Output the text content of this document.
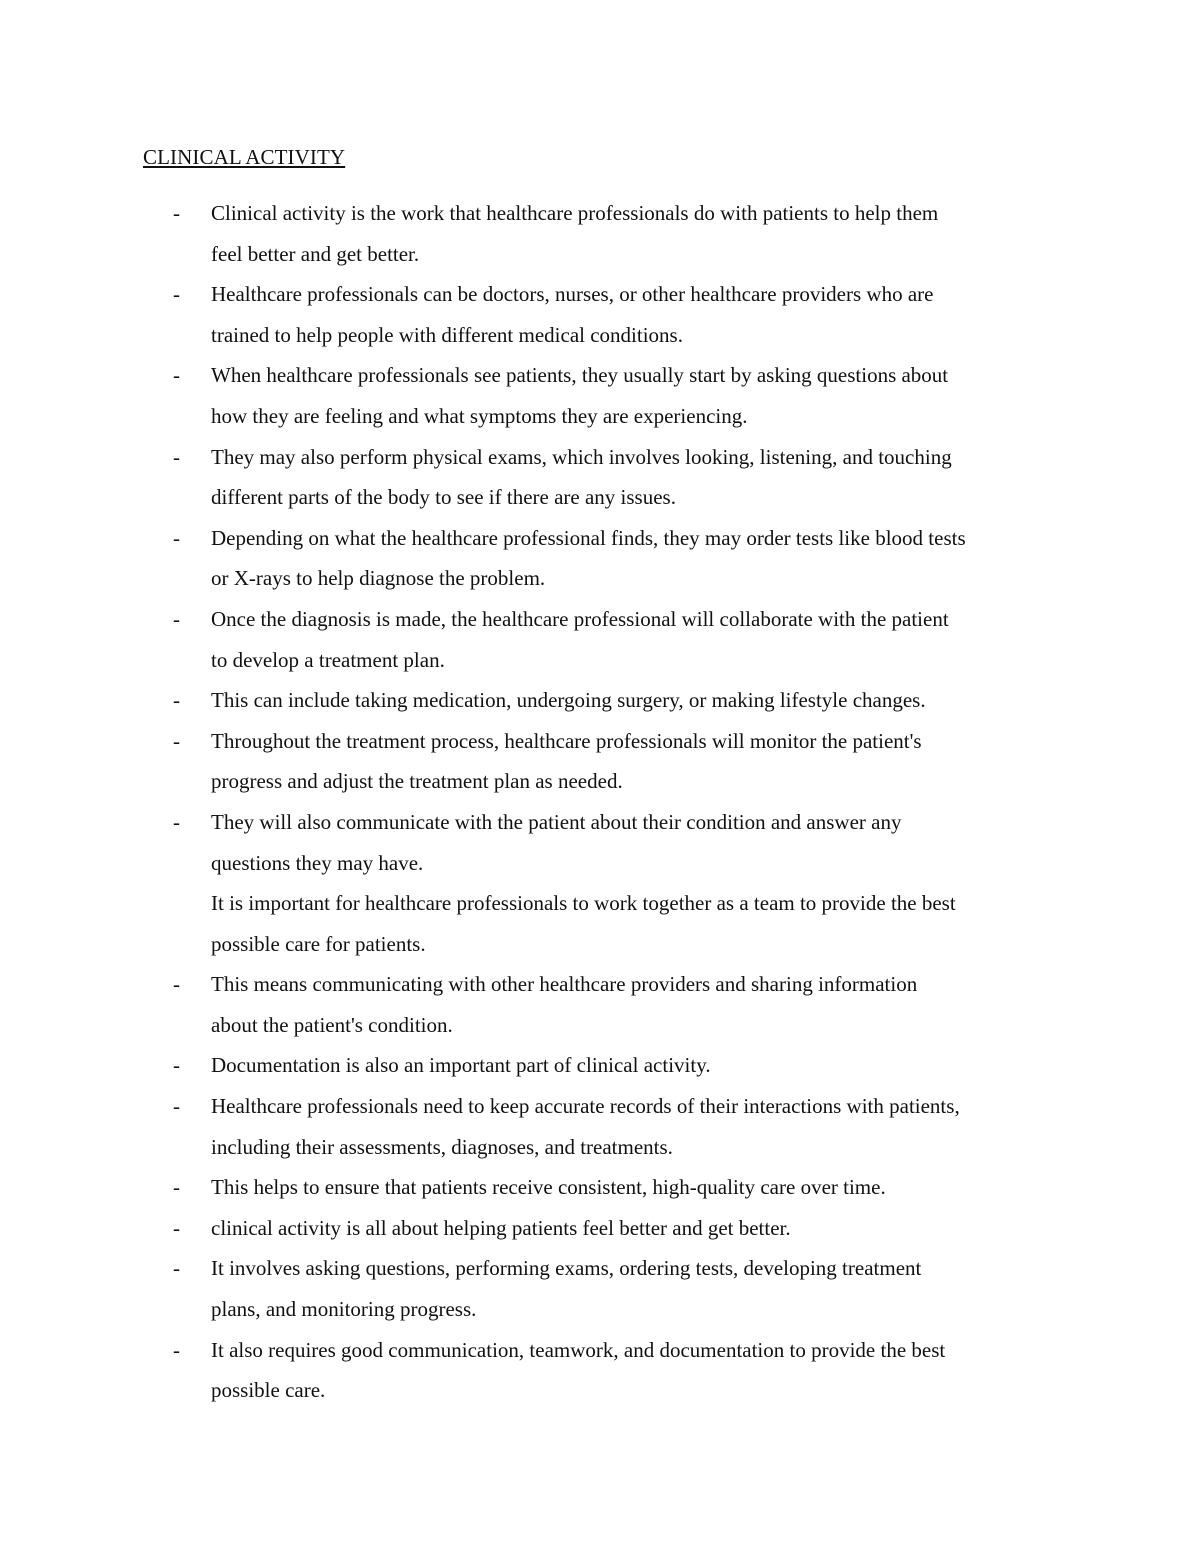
CLINICAL ACTIVITY
-	Clinical activity is the work that healthcare professionals do with patients to help them
feel better and get better.
-	Healthcare professionals can be doctors, nurses, or other healthcare providers who are
trained to help people with different medical conditions.
-	When healthcare professionals see patients, they usually start by asking questions about
how they are feeling and what symptoms they are experiencing.
-	They may also perform physical exams, which involves looking, listening, and touching
different parts of the body to see if there are any issues.
-	Depending on what the healthcare professional finds, they may order tests like blood tests
or X-rays to help diagnose the problem.
-	Once the diagnosis is made, the healthcare professional will collaborate with the patient
to develop a treatment plan.
-	This can include taking medication, undergoing surgery, or making lifestyle changes.
-	Throughout the treatment process, healthcare professionals will monitor the patient's
progress and adjust the treatment plan as needed.
-	They will also communicate with the patient about their condition and answer any
questions they may have.
It is important for healthcare professionals to work together as a team to provide the best
possible care for patients.
-	This means communicating with other healthcare providers and sharing information
about the patient's condition.
-	Documentation is also an important part of clinical activity.
-	Healthcare professionals need to keep accurate records of their interactions with patients,
including their assessments, diagnoses, and treatments.
-	This helps to ensure that patients receive consistent, high-quality care over time.
-	clinical activity is all about helping patients feel better and get better.
-	It involves asking questions, performing exams, ordering tests, developing treatment
plans, and monitoring progress.
-	It also requires good communication, teamwork, and documentation to provide the best
possible care.
